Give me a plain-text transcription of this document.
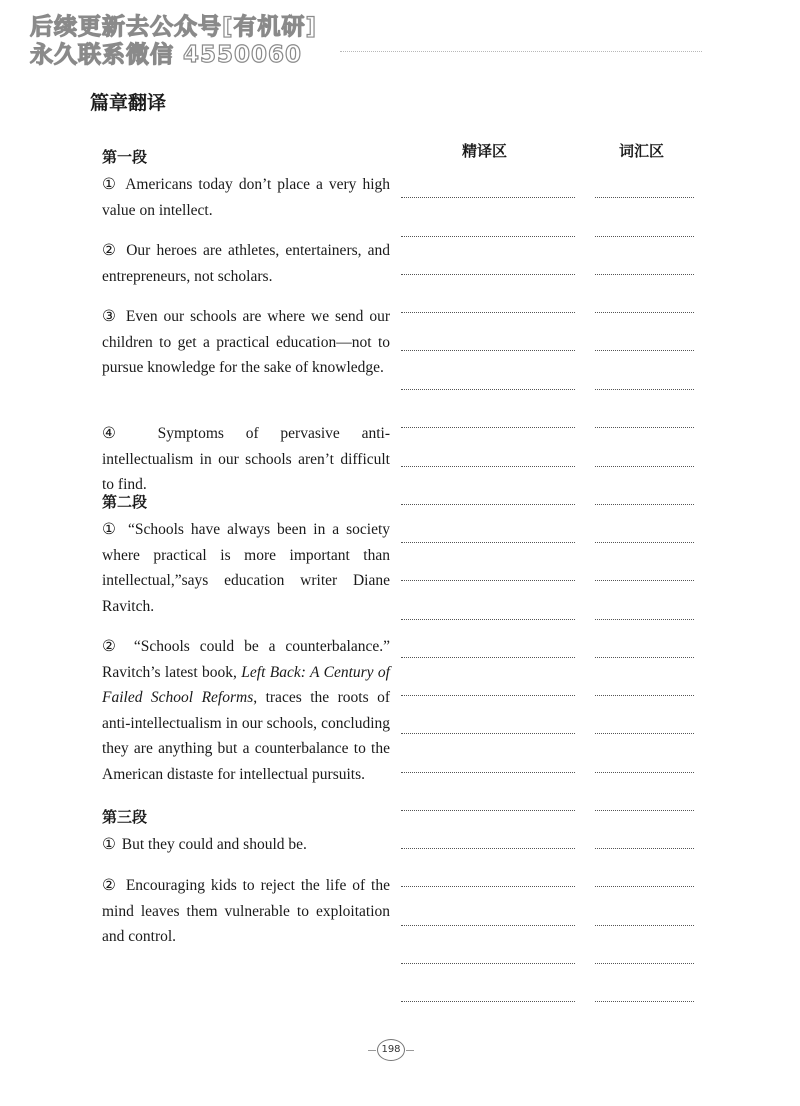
后续更新去公众号[有机研]
永久联系微信 4550060
篇章翻译
精译区	词汇区
第一段
① Americans today don’t place a very high value on intellect.
② Our heroes are athletes, entertainers, and entrepreneurs, not scholars.
③ Even our schools are where we send our children to get a practical education—not to pursue knowledge for the sake of knowledge.
④ Symptoms of pervasive anti-intellectualism in our schools aren’t difficult to find.
第二段
① “Schools have always been in a society where practical is more important than intellectual,”says education writer Diane Ravitch.
② “Schools could be a counterbalance.” Ravitch’s latest book, Left Back: A Century of Failed School Reforms, traces the roots of anti-intellectualism in our schools, concluding they are anything but a counterbalance to the American distaste for intellectual pursuits.
第三段
① But they could and should be.
② Encouraging kids to reject the life of the mind leaves them vulnerable to exploitation and control.
198
